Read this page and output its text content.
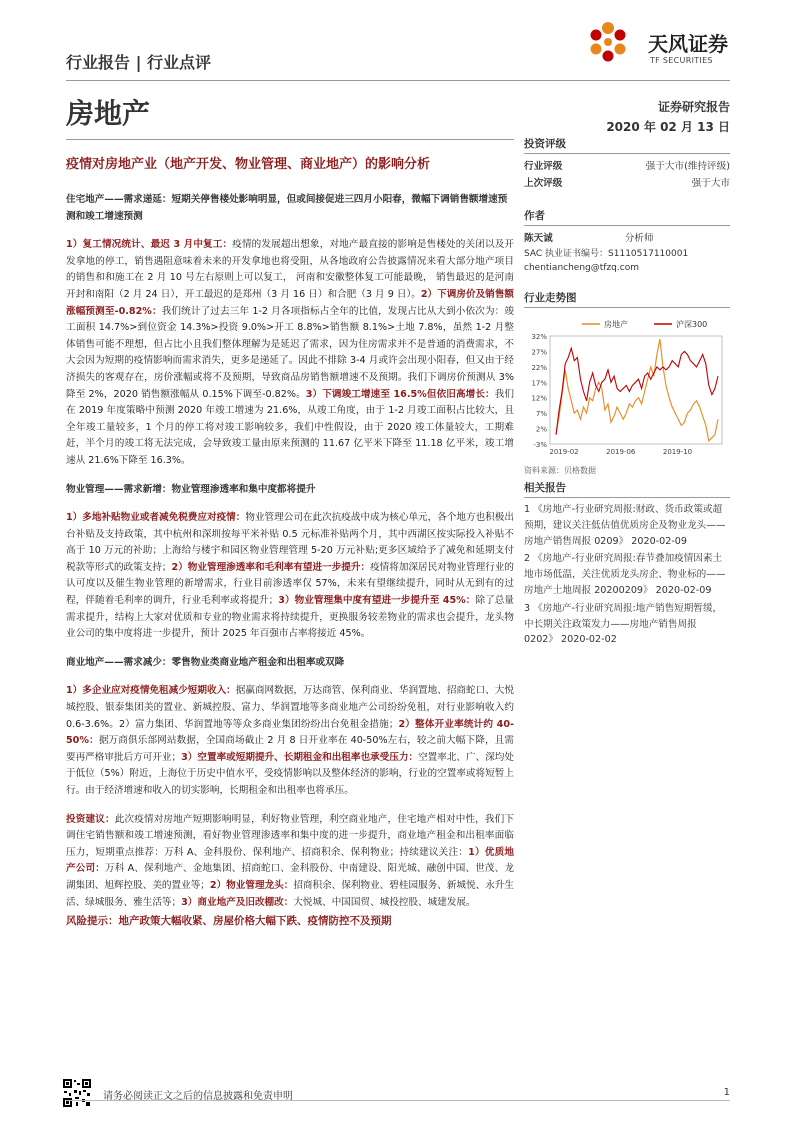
行业报告 | 行业点评
天风证券
TF SECURITIES
房地产	证券研究报告
2020 年 02 月 13 日
疫情对房地产业（地产开发、物业管理、商业地产）的影响分析
住宅地产——需求递延：短期关停售楼处影响明显，但或间接促进三四月小阳春，微幅下调销售额增速预测和竣工增速预测

1）复工情况统计、最迟 3 月中复工：疫情的发展超出想象，对地产最直接的影响是售楼处的关闭以及开发拿地的停工，销售遇阻意味着未来的开发拿地也将受阻，从各地政府公告披露情况来看大部分地产项目的销售和和施工在 2 月 10 号左右原则上可以复工， 河南和安徽整体复工可能最晚， 销售最迟的是河南开封和南阳（2 月 24 日），开工最迟的是郑州（3 月 16 日）和合肥（3 月 9 日）。2）下调房价及销售额涨幅预测至-0.82%：我们统计了过去三年 1-2 月各项指标占全年的比值，发现占比从大到小依次为：竣工面积 14.7%>到位资金 14.3%>投资 9.0%>开工 8.8%>销售额 8.1%>土地 7.8%，虽然 1-2 月整体销售可能不理想，但占比小且我们整体理解为是延迟了需求，因为住房需求并不是普通的消费需求，不大会因为短期的疫情影响而需求消失，更多是递延了。因此不排除 3-4 月或许会出现小阳春，但又由于经济损失的客观存在，房价涨幅或将不及预期，导致商品房销售额增速不及预期。我们下调房价预测从 3%降至 2%，2020 销售额涨幅从 0.15%下调至-0.82%。3）下调竣工增速至 16.5%但依旧高增长：我们在 2019 年度策略中预测 2020 年竣工增速为 21.6%，从竣工角度，由于 1-2 月竣工面积占比较大，且全年竣工量较多，1 个月的停工将对竣工影响较多，我们中性假设，由于 2020 竣工体量较大，工期难赶，半个月的竣工将无法完成，会导致竣工量由原来预测的 11.67 亿平米下降至 11.18 亿平米，竣工增速从 21.6%下降至 16.3%。

物业管理——需求新增：物业管理渗透率和集中度都将提升

1）多地补贴物业或者减免税费应对疫情：物业管理公司在此次抗疫战中成为核心单元，各个地方也积极出台补贴及支持政策，其中杭州和深圳按每平米补贴 0.5 元标准补贴两个月，其中西湖区按实际投入补贴不高于 10 万元的补助；上海给与楼宇和园区物业管理管理 5-20 万元补贴;更多区域给予了减免和延期支付税款等形式的政策支持；2）物业管理渗透率和毛利率有望进一步提升：疫情将加深居民对物业管理行业的认可度以及催生物业管理的新增需求，行业目前渗透率仅 57%，未来有望继续提升，同时从无到有的过程，伴随着毛利率的调升，行业毛利率或将提升；3）物业管理集中度有望进一步提升至 45%：除了总量需求提升，结构上大家对优质和专业的物业需求将持续提升，更换服务较差物业的需求也会提升，龙头物业公司的集中度将进一步提升，预计 2025 年百强市占率将接近 45%。

商业地产——需求减少：零售物业类商业地产租金和出租率或双降

1）多企业应对疫情免租减少短期收入：据赢商网数据，万达商管、保利商业、华润置地、招商蛇口、大悦城控股、银泰集团美的置业、新城控股、富力、华润置地等多商业地产公司纷纷免租，对行业影响收入约 0.6-3.6%。2）富力集团、华润置地等等众多商业集团纷纷出台免租金措施；2）整体开业率统计约 40-50%：据万商俱乐部网站数据，全国商场截止 2 月 8 日开业率在 40-50%左右，较之前大幅下降，且需要再严格审批后方可开业；3）空置率或短期提升、长期租金和出租率也承受压力：空置率北、广、深均处于低位（5%）附近，上海位于历史中值水平，受疫情影响以及整体经济的影响，行业的空置率或将短暂上行。由于经济增速和收入的切实影响，长期租金和出租率也将承压。

投资建议：此次疫情对房地产短期影响明显，利好物业管理，利空商业地产，住宅地产相对中性，我们下调住宅销售额和竣工增速预测，看好物业管理渗透率和集中度的进一步提升，商业地产租金和出租率面临压力，短期重点推荐：万科 A、金科股份、保利地产、招商积余、保利物业；持续建议关注：1）优质地产公司：万科 A、保利地产、金地集团、招商蛇口、金科股份、中南建设、阳光城、融创中国、世茂、龙湖集团、旭辉控股、美的置业等；2）物业管理龙头：招商积余、保利物业、碧桂园服务、新城悦、永升生活、绿城服务、雅生活等；3）商业地产及旧改棚改：大悦城、中国国贸、城投控股、城建发展。

风险提示：地产政策大幅收紧、房屋价格大幅下跌、疫情防控不及预期
投资评级
行业评级	强于大市(维持评级)
上次评级	强于大市
作者
陈天诚	分析师
SAC 执业证书编号：S1110517110001
chentiancheng@tfzq.com
行业走势图
32%
27%
22%
17%
12%
7%
2%
-3%
2019-02	2019-06	2019-10
房地产	沪深300
资料来源：贝格数据
相关报告
1 《房地产-行业研究周报:财政、货币政策或超预期，建议关注低估值优质房企及物业龙头——房地产销售周报 0209》 2020-02-09
2 《房地产-行业研究周报:春节叠加疫情因素土地市场低温，关注优质龙头房企、物业标的——房地产土地周报 20200209》 2020-02-09
3 《房地产-行业研究周报:地产销售短期暂缓，中长期关注政策发力——房地产销售周报 0202》 2020-02-02
请务必阅读正文之后的信息披露和免责申明	1
